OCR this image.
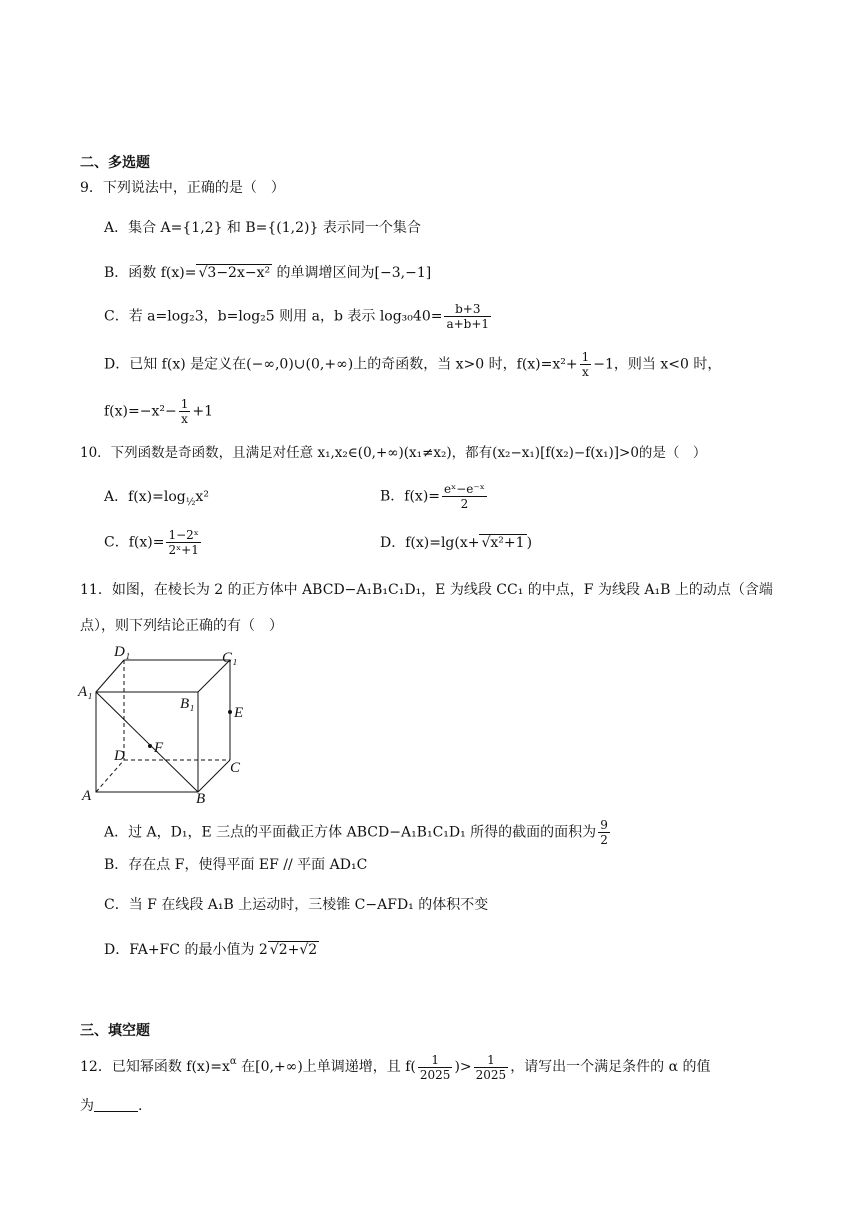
二、多选题
9．下列说法中，正确的是（　）
A．集合 A={1,2} 和 B={(1,2)} 表示同一个集合
B．函数 f(x)= √3−2x−x² 的单调增区间为[−3,−1]
C．若 a=log₂3，b=log₂5 则用 a，b 表示 $\log_{30}40= \frac{b+3}{a+b+1}$
D．已知 f(x) 是定义在(−∞,0)∪(0,+∞)上的奇函数，当 x>0 时，$f(x)=x^2+ \frac{1}{x} -1$，则当 x<0 时，
$f(x)=-x^2- \frac{1}{x} +1$
10．下列函数是奇函数，且满足对任意 x₁,x₂∈(0,+∞)(x₁≠x₂)，都有(x₂−x₁)[f(x₂)−f(x₁)]>0的是（　）
A．$f(x)=\log_{\frac{1}{2}}x^2$	B．$f(x)= \frac{\text{eˣ−e⁻ˣ}}{2}$
C．$f(x)= \frac{\text{1−2ˣ}}{\text{2ˣ+1}}$	D．f(x)=lg(x+ √x²+1 )
11．如图，在棱长为 2 的正方体中 ABCD−A₁B₁C₁D₁，E 为线段 CC₁ 的中点，F 为线段 A₁B 上的动点（含端
点），则下列结论正确的有（　）
D₁	C₁
A₁
B₁
E
F
D
C
A	B
A．过 A，D₁，E 三点的平面截正方体 ABCD−A₁B₁C₁D₁ 所得的截面的面积为 $\frac{9}{2}$
B．存在点 F，使得平面 EF // 平面 AD₁C
C．当 F 在线段 A₁B 上运动时，三棱锥 C−AFD₁ 的体积不变
D．FA+FC 的最小值为 2 √2+√2
三、填空题
12．已知幂函数 $f(x)=x^\alpha$ 在[0,+∞)上单调递增，且 $f( \frac{1}{2025}$ )> $\frac{1}{2025}$ ，请写出一个满足条件的 α 的值
为	.
